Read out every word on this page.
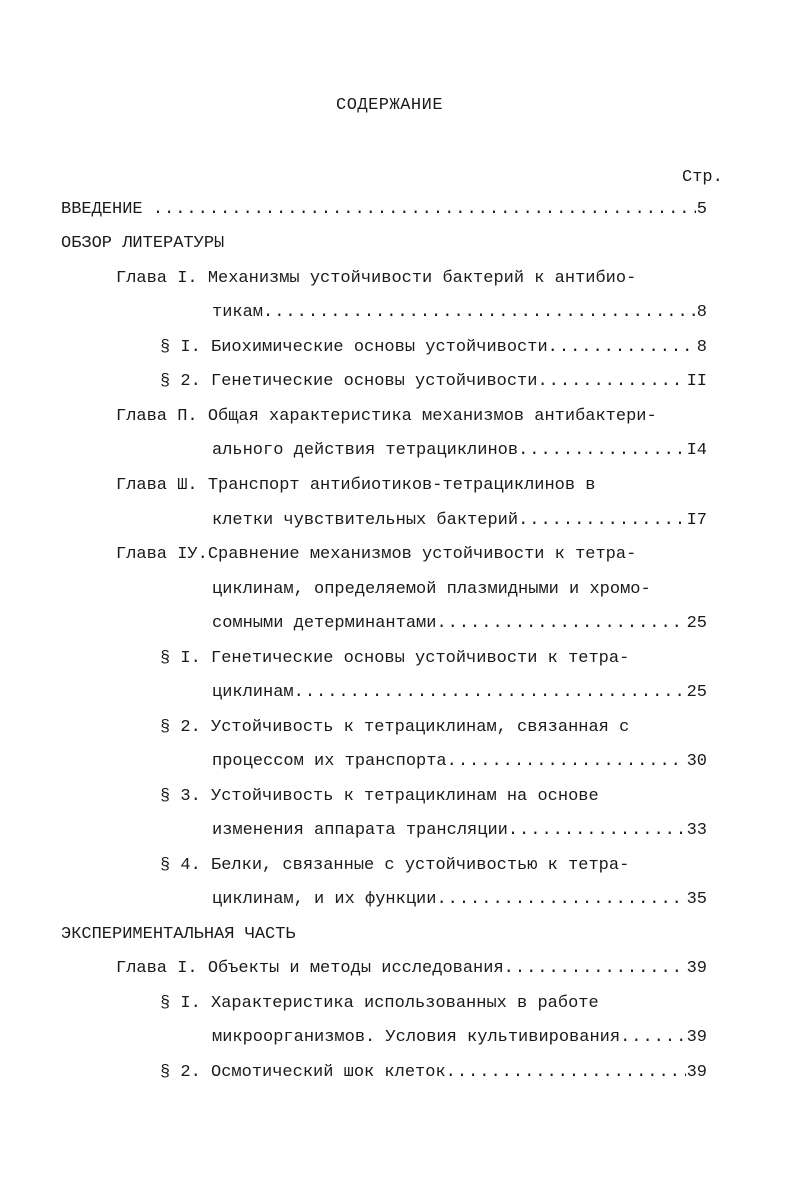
СОДЕРЖАНИЕ
Стр.
ВВЕДЕНИЕ .....	5
ОБЗОР ЛИТЕРАТУРЫ
Глава I. Механизмы устойчивости бактерий к антибио-
тикам .....	8
§ I. Биохимические основы устойчивости .....	8
§ 2. Генетические основы устойчивости .....	II
Глава П. Общая характеристика механизмов антибактери-
ального действия тетрациклинов .....	I4
Глава Ш. Транспорт антибиотиков-тетрациклинов в
клетки чувствительных бактерий .....	I7
Глава IУ.Сравнение механизмов устойчивости к тетра-
циклинам, определяемой плазмидными и хромо-
сомными детерминантами .....	25
§ I. Генетические основы устойчивости к тетра-
циклинам .....	25
§ 2. Устойчивость к тетрациклинам, связанная с
процессом их транспорта .....	30
§ 3. Устойчивость к тетрациклинам на основе
изменения аппарата трансляции .....	33
§ 4. Белки, связанные с устойчивостью к тетра-
циклинам, и их функции .....	35
ЭКСПЕРИМЕНТАЛЬНАЯ ЧАСТЬ
Глава I. Объекты и методы исследования .....	39
§ I. Характеристика использованных в работе
микроорганизмов. Условия культивирования .....	39
§ 2. Осмотический шок клеток .....	39
